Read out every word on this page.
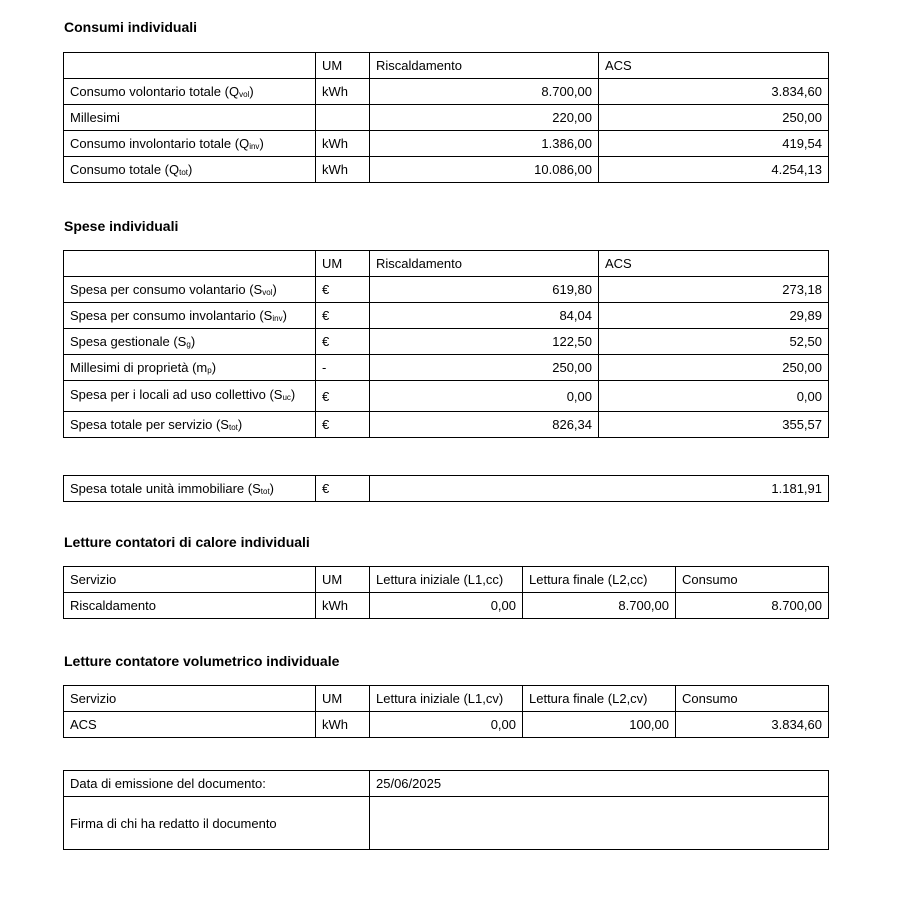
Consumi individuali
	UM	Riscaldamento	ACS
Consumo volontario totale $(Q_{vol})$	kWh	8.700,00	3.834,60
Millesimi		220,00	250,00
Consumo involontario totale $(Q_{inv})$	kWh	1.386,00	419,54
Consumo totale $(Q_{tot})$	kWh	10.086,00	4.254,13
Spese individuali
	UM	Riscaldamento	ACS
Spesa per consumo volantario $(S_{vol})$	€	619,80	273,18
Spesa per consumo involantario $(S_{inv})$	€	84,04	29,89
Spesa gestionale $(S_g)$	€	122,50	52,50
Millesimi di proprietà $(m_p)$	-	250,00	250,00
Spesa per i locali ad uso collettivo $(S_{uc})$	€	0,00	0,00
Spesa totale per servizio $(S_{tot})$	€	826,34	355,57
Spesa totale unità immobiliare $(S_{tot})$	€	1.181,91
Letture contatori di calore individuali
Servizio	UM	Lettura iniziale (L1,cc)	Lettura finale (L2,cc)	Consumo
Riscaldamento	kWh	0,00	8.700,00	8.700,00
Letture contatore volumetrico individuale
Servizio	UM	Lettura iniziale (L1,cv)	Lettura finale (L2,cv)	Consumo
ACS	kWh	0,00	100,00	3.834,60
Data di emissione del documento:	25/06/2025
Firma di chi ha redatto il documento	
